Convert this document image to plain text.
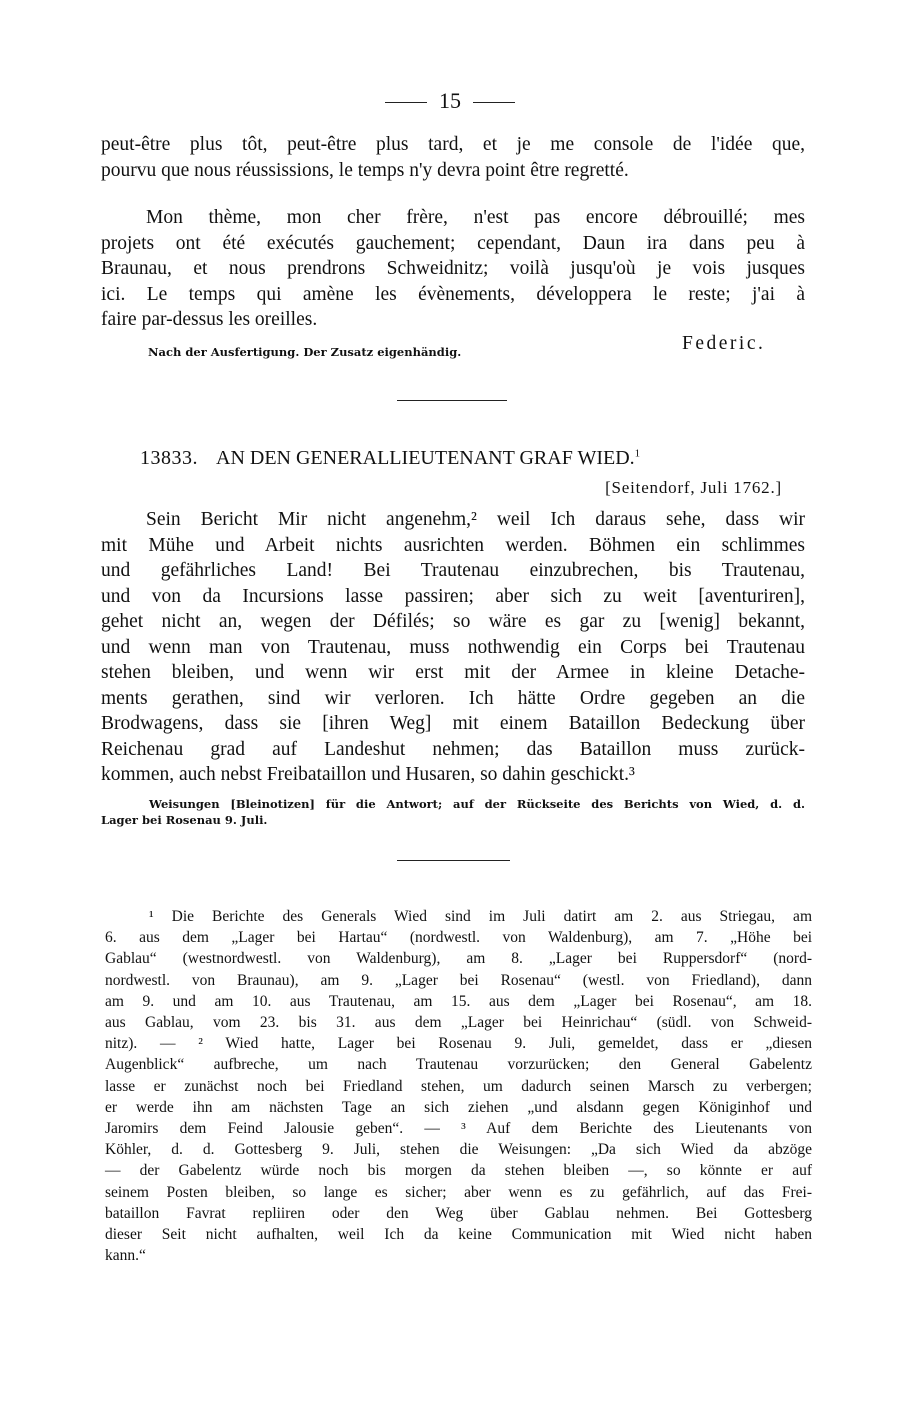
15
peut-être plus tôt, peut-être plus tard, et je me console de l'idée que,
pourvu que nous réussissions, le temps n'y devra point être regretté.
Mon thème, mon cher frère, n'est pas encore débrouillé; mes
projets ont été exécutés gauchement; cependant, Daun ira dans peu à
Braunau, et nous prendrons Schweidnitz; voilà jusqu'où je vois jusques
ici. Le temps qui amène les évènements, développera le reste; j'ai à
faire par-dessus les oreilles.
Nach der Ausfertigung. Der Zusatz eigenhändig.	Federic.
13833. AN DEN GENERALLIEUTENANT GRAF WIED.$^1$
[Seitendorf, Juli 1762.]
Sein Bericht Mir nicht angenehm,² weil Ich daraus sehe, dass wir
mit Mühe und Arbeit nichts ausrichten werden. Böhmen ein schlimmes
und gefährliches Land! Bei Trautenau einzubrechen, bis Trautenau,
und von da Incursions lasse passiren; aber sich zu weit [aventuriren],
gehet nicht an, wegen der Défilés; so wäre es gar zu [wenig] bekannt,
und wenn man von Trautenau, muss nothwendig ein Corps bei Trautenau
stehen bleiben, und wenn wir erst mit der Armee in kleine Detache-
ments gerathen, sind wir verloren. Ich hätte Ordre gegeben an die
Brodwagens, dass sie [ihren Weg] mit einem Bataillon Bedeckung über
Reichenau grad auf Landeshut nehmen; das Bataillon muss zurück-
kommen, auch nebst Freibataillon und Husaren, so dahin geschickt.³
Weisungen [Bleinotizen] für die Antwort; auf der Rückseite des Berichts von Wied, d. d.
Lager bei Rosenau 9. Juli.
¹ Die Berichte des Generals Wied sind im Juli datirt am 2. aus Striegau, am
6. aus dem „Lager bei Hartau“ (nordwestl. von Waldenburg), am 7. „Höhe bei
Gablau“ (westnordwestl. von Waldenburg), am 8. „Lager bei Ruppersdorf“ (nord-
nordwestl. von Braunau), am 9. „Lager bei Rosenau“ (westl. von Friedland), dann
am 9. und am 10. aus Trautenau, am 15. aus dem „Lager bei Rosenau“, am 18.
aus Gablau, vom 23. bis 31. aus dem „Lager bei Heinrichau“ (südl. von Schweid-
nitz). — ² Wied hatte, Lager bei Rosenau 9. Juli, gemeldet, dass er „diesen
Augenblick“ aufbreche, um nach Trautenau vorzurücken; den General Gabelentz
lasse er zunächst noch bei Friedland stehen, um dadurch seinen Marsch zu verbergen;
er werde ihn am nächsten Tage an sich ziehen „und alsdann gegen Königinhof und
Jaromirs dem Feind Jalousie geben“. — ³ Auf dem Berichte des Lieutenants von
Köhler, d. d. Gottesberg 9. Juli, stehen die Weisungen: „Da sich Wied da abzöge
— der Gabelentz würde noch bis morgen da stehen bleiben —, so könnte er auf
seinem Posten bleiben, so lange es sicher; aber wenn es zu gefährlich, auf das Frei-
bataillon Favrat repliiren oder den Weg über Gablau nehmen. Bei Gottesberg
dieser Seit nicht aufhalten, weil Ich da keine Communication mit Wied nicht haben
kann.“
